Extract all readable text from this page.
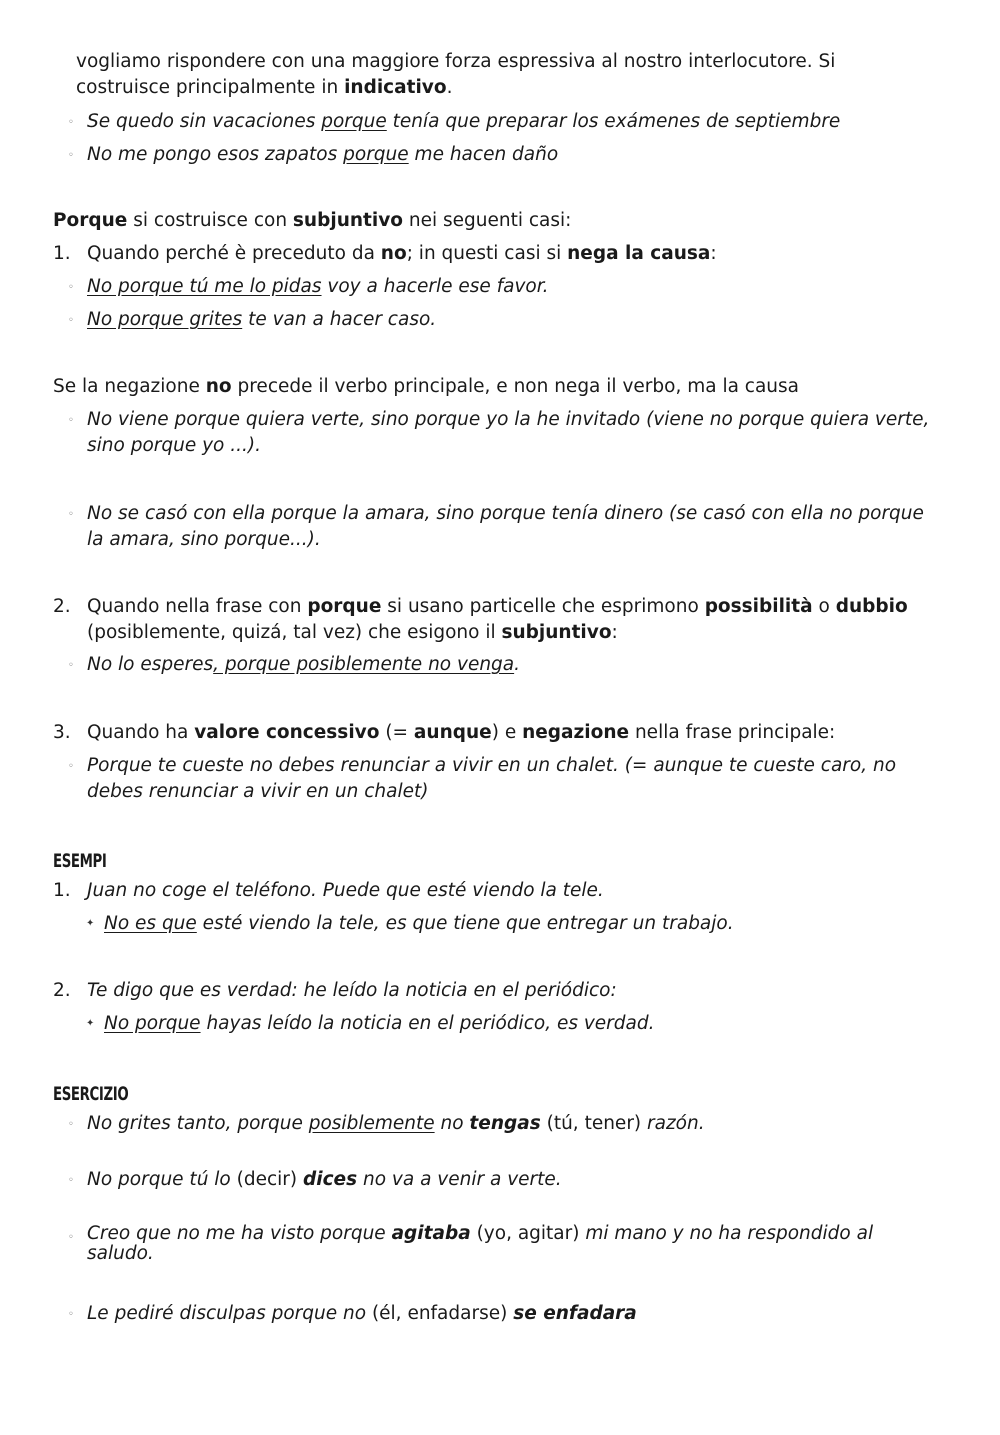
vogliamo rispondere con una maggiore forza espressiva al nostro interlocutore. Si
costruisce principalmente in indicativo.
◦ Se quedo sin vacaciones porque tenía que preparar los exámenes de septiembre
◦ No me pongo esos zapatos porque me hacen daño
Porque si costruisce con subjuntivo nei seguenti casi:
1. Quando perché è preceduto da no; in questi casi si nega la causa:
◦ No porque tú me lo pidas voy a hacerle ese favor.
◦ No porque grites te van a hacer caso.
Se la negazione no precede il verbo principale, e non nega il verbo, ma la causa
◦ No viene porque quiera verte, sino porque yo la he invitado (viene no porque quiera verte, sino porque yo ...).
◦ No se casó con ella porque la amara, sino porque tenía dinero (se casó con ella no porque la amara, sino porque...).
2. Quando nella frase con porque si usano particelle che esprimono possibilità o dubbio
(posiblemente, quizá, tal vez) che esigono il subjuntivo:
◦ No lo esperes, porque posiblemente no venga.
3. Quando ha valore concessivo (= aunque) e negazione nella frase principale:
◦ Porque te cueste no debes renunciar a vivir en un chalet. (= aunque te cueste caro, no debes renunciar a vivir en un chalet)
ESEMPI
1. Juan no coge el teléfono. Puede que esté viendo la tele.
✦ No es que esté viendo la tele, es que tiene que entregar un trabajo.
2. Te digo que es verdad: he leído la noticia en el periódico:
✦ No porque hayas leído la noticia en el periódico, es verdad.
ESERCIZIO
◦ No grites tanto, porque posiblemente no tengas (tú, tener) razón.
◦ No porque tú lo (decir) dices no va a venir a verte.
◦ Creo que no me ha visto porque agitaba (yo, agitar) mi mano y no ha respondido al saludo.
◦ Le pediré disculpas porque no (él, enfadarse) se enfadara
